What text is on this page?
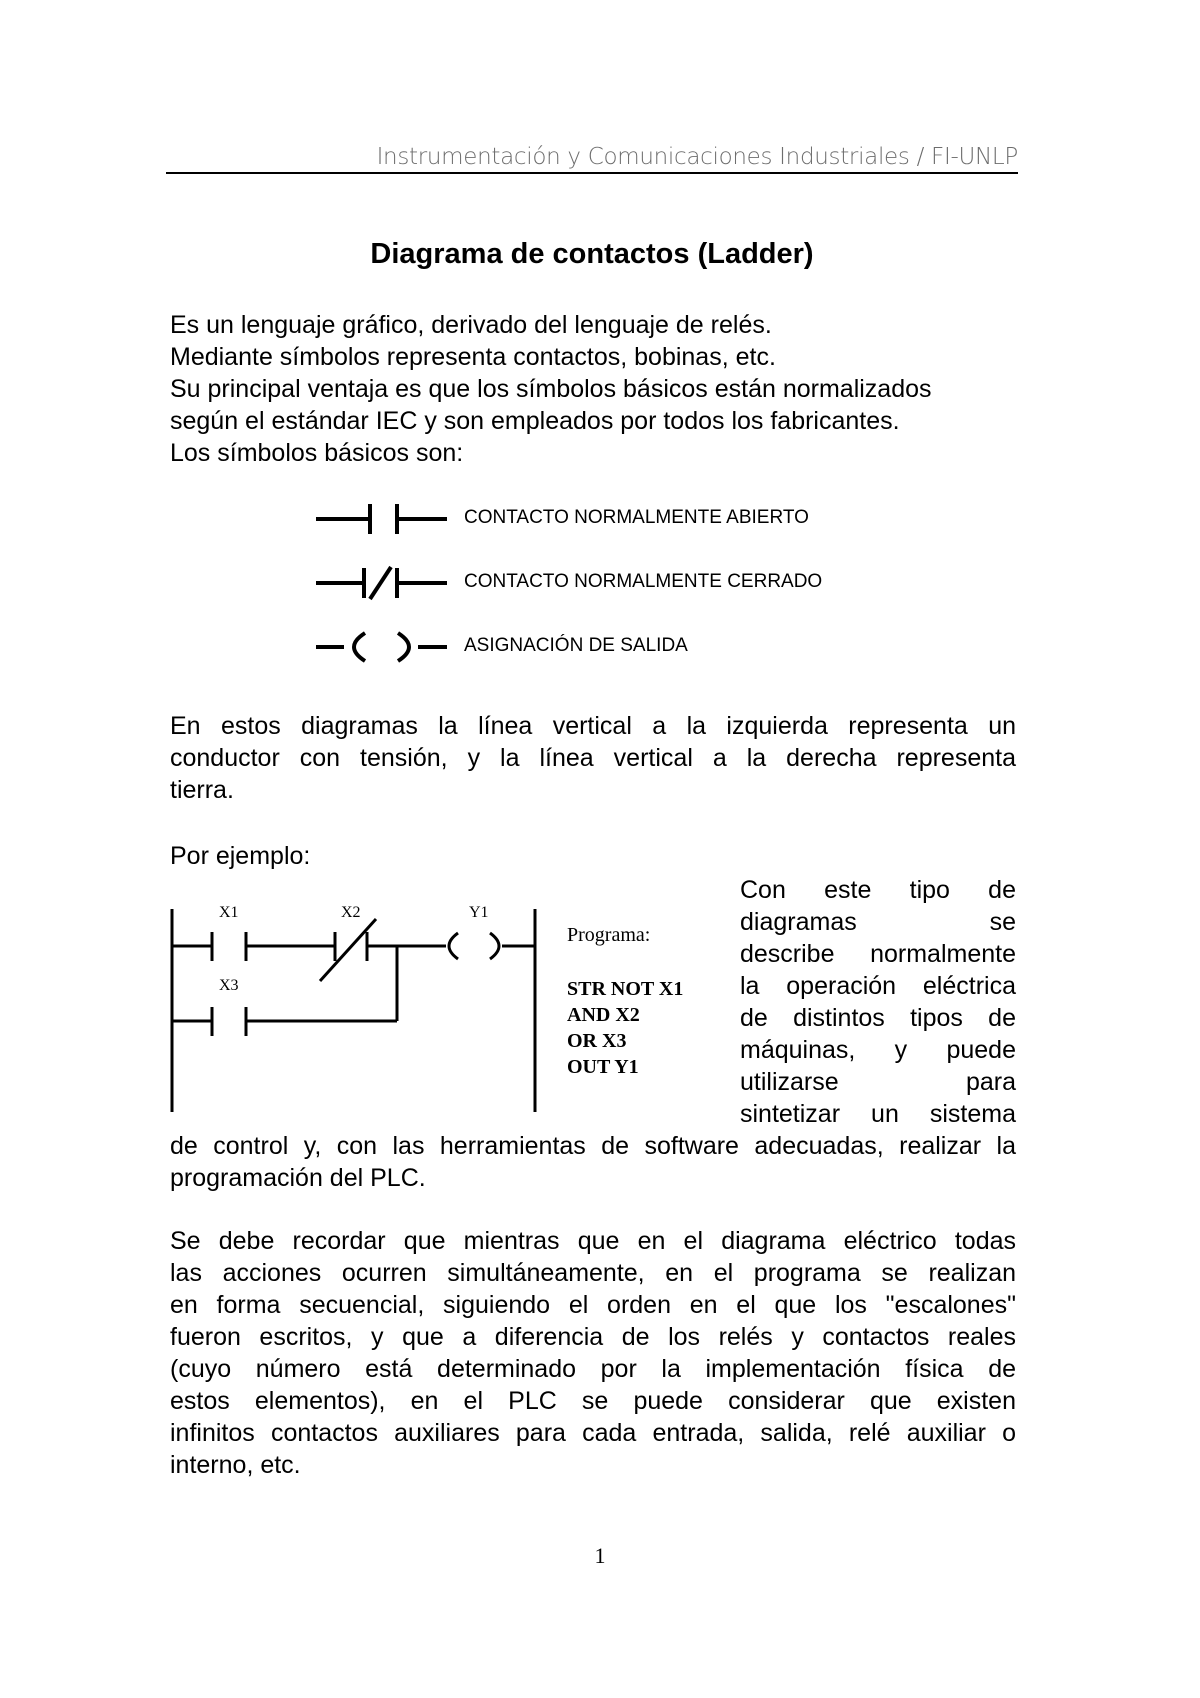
Instrumentación y Comunicaciones Industriales / FI-UNLP
Diagrama de contactos (Ladder)
Es un lenguaje gráfico, derivado del lenguaje de relés.
Mediante símbolos representa contactos, bobinas, etc.
Su principal ventaja es que los símbolos básicos están normalizados
según el estándar IEC y son empleados por todos los fabricantes.
Los símbolos básicos son:
CONTACTO NORMALMENTE ABIERTO
CONTACTO NORMALMENTE CERRADO
ASIGNACIÓN DE SALIDA
En estos diagramas la línea vertical a la izquierda representa un
conductor con tensión, y la línea vertical a la derecha representa
tierra.
Por ejemplo:
X1	X2	Y1
X3
Programa:
STR NOT X1
AND X2
OR X3
OUT Y1
Con este tipo de
diagramas se
describe normalmente
la operación eléctrica
de distintos tipos de
máquinas, y puede
utilizarse para
sintetizar un sistema
de control y, con las herramientas de software adecuadas, realizar la
programación del PLC.
Se debe recordar que mientras que en el diagrama eléctrico todas
las acciones ocurren simultáneamente, en el programa se realizan
en forma secuencial, siguiendo el orden en el que los "escalones"
fueron escritos, y que a diferencia de los relés y contactos reales
(cuyo número está determinado por la implementación física de
estos elementos), en el PLC se puede considerar que existen
infinitos contactos auxiliares para cada entrada, salida, relé auxiliar o
interno, etc.
1
